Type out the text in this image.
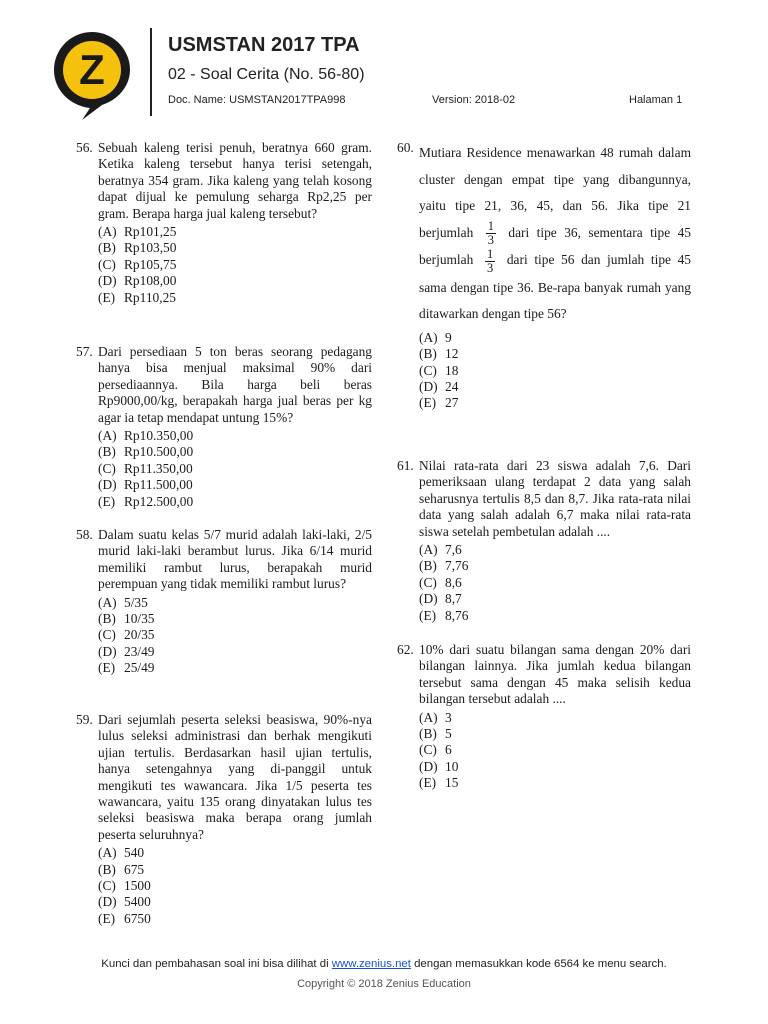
Z
USMSTAN 2017 TPA
02 - Soal Cerita (No. 56-80)
Doc. Name: USMSTAN2017TPA998	Version: 2018-02	Halaman 1
56. Sebuah kaleng terisi penuh, beratnya 660 gram. Ketika kaleng tersebut hanya terisi setengah, beratnya 354 gram. Jika kaleng yang telah kosong dapat dijual ke pemulung seharga Rp2,25 per gram. Berapa harga jual kaleng tersebut?
(A) Rp101,25
(B) Rp103,50
(C) Rp105,75
(D) Rp108,00
(E) Rp110,25
57. Dari persediaan 5 ton beras seorang pedagang hanya bisa menjual maksimal 90% dari persediaannya. Bila harga beli beras Rp9000,00/kg, berapakah harga jual beras per kg agar ia tetap mendapat untung 15%?
(A) Rp10.350,00
(B) Rp10.500,00
(C) Rp11.350,00
(D) Rp11.500,00
(E) Rp12.500,00
58. Dalam suatu kelas 5/7 murid adalah laki-laki, 2/5 murid laki-laki berambut lurus. Jika 6/14 murid memiliki rambut lurus, berapakah murid perempuan yang tidak memiliki rambut lurus?
(A) 5/35
(B) 10/35
(C) 20/35
(D) 23/49
(E) 25/49
59. Dari sejumlah peserta seleksi beasiswa, 90%-nya lulus seleksi administrasi dan berhak mengikuti ujian tertulis. Berdasarkan hasil ujian tertulis, hanya setengahnya yang di-panggil untuk mengikuti tes wawancara. Jika 1/5 peserta tes wawancara, yaitu 135 orang dinyatakan lulus tes seleksi beasiswa maka berapa orang jumlah peserta seluruhnya?
(A) 540
(B) 675
(C) 1500
(D) 5400
(E) 6750
60. Mutiara Residence menawarkan 48 rumah dalam cluster dengan empat tipe yang dibangunnya, yaitu tipe 21, 36, 45, dan 56. Jika tipe 21 berjumlah $\frac{1}{3}$ dari tipe 36, sementara tipe 45 berjumlah $\frac{1}{3}$ dari tipe 56 dan jumlah tipe 45 sama dengan tipe 36. Be-rapa banyak rumah yang ditawarkan dengan tipe 56?
(A) 9
(B) 12
(C) 18
(D) 24
(E) 27
61. Nilai rata-rata dari 23 siswa adalah 7,6. Dari pemeriksaan ulang terdapat 2 data yang salah seharusnya tertulis 8,5 dan 8,7. Jika rata-rata nilai data yang salah adalah 6,7 maka nilai rata-rata siswa setelah pembetulan adalah ....
(A) 7,6
(B) 7,76
(C) 8,6
(D) 8,7
(E) 8,76
62. 10% dari suatu bilangan sama dengan 20% dari bilangan lainnya. Jika jumlah kedua bilangan tersebut sama dengan 45 maka selisih kedua bilangan tersebut adalah ....
(A) 3
(B) 5
(C) 6
(D) 10
(E) 15
Kunci dan pembahasan soal ini bisa dilihat di www.zenius.net dengan memasukkan kode 6564 ke menu search.
Copyright © 2018 Zenius Education
